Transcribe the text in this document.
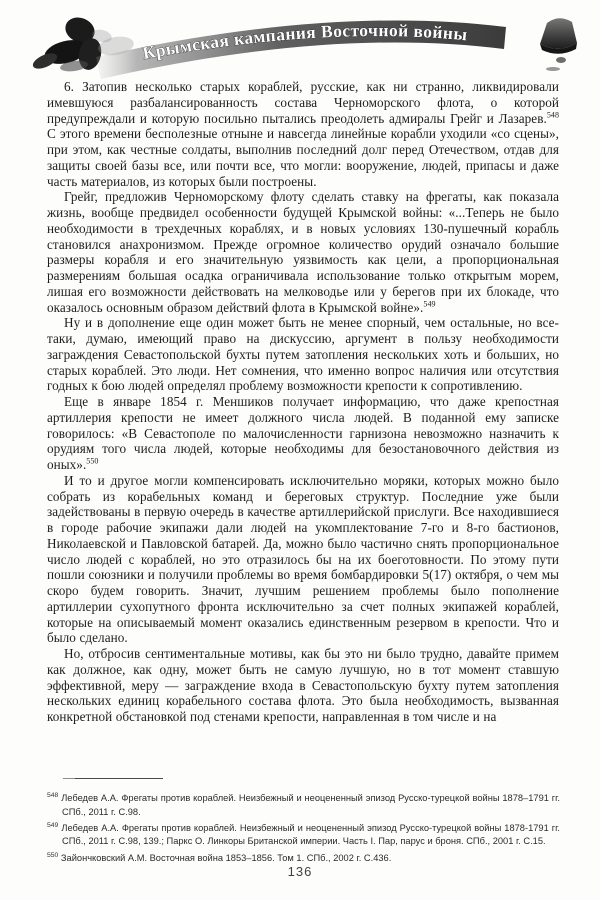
Крымская кампания Восточной войны

6. Затопив несколько старых кораблей, русские, как ни странно, ликвидировали имевшуюся разбалансированность состава Черноморского флота, о которой предупреждали и которую посильно пытались преодолеть адмиралы Грейг и Лазарев.$^{548}$ С этого времени бесполезные отныне и навсегда линейные корабли уходили «со сцены», при этом, как честные солдаты, выполнив последний долг перед Отечеством, отдав для защиты своей базы все, или почти все, что могли: вооружение, людей, припасы и даже часть материалов, из которых были построены.

Грейг, предложив Черноморскому флоту сделать ставку на фрегаты, как показала жизнь, вообще предвидел особенности будущей Крымской войны: «...Теперь не было необходимости в трехдечных кораблях, и в новых условиях 130-пушечный корабль становился анахронизмом. Прежде огромное количество орудий означало большие размеры корабля и его значительную уязвимость как цели, а пропорциональная размерениям большая осадка ограничивала использование только открытым морем, лишая его возможности действовать на мелководье или у берегов при их блокаде, что оказалось основным образом действий флота в Крымской войне».$^{549}$

Ну и в дополнение еще один может быть не менее спорный, чем остальные, но все-таки, думаю, имеющий право на дискуссию, аргумент в пользу необходимости заграждения Севастопольской бухты путем затопления нескольких хоть и больших, но старых кораблей. Это люди. Нет сомнения, что именно вопрос наличия или отсутствия годных к бою людей определял проблему возможности крепости к сопротивлению.

Еще в январе 1854 г. Меншиков получает информацию, что даже крепостная артиллерия крепости не имеет должного числа людей. В поданной ему записке говорилось: «В Севастополе по малочисленности гарнизона невозможно назначить к орудиям того числа людей, которые необходимы для безостановочного действия из оных».$^{550}$

И то и другое могли компенсировать исключительно моряки, которых можно было собрать из корабельных команд и береговых структур. Последние уже были задействованы в первую очередь в качестве артиллерийской прислуги. Все находившиеся в городе рабочие экипажи дали людей на укомплектование 7-го и 8-го бастионов, Николаевской и Павловской батарей. Да, можно было частично снять пропорциональное число людей с кораблей, но это отразилось бы на их боеготовности. По этому пути пошли союзники и получили проблемы во время бомбардировки 5(17) октября, о чем мы скоро будем говорить. Значит, лучшим решением проблемы было пополнение артиллерии сухопутного фронта исключительно за счет полных экипажей кораблей, которые на описываемый момент оказались единственным резервом в крепости. Что и было сделано.

Но, отбросив сентиментальные мотивы, как бы это ни было трудно, давайте примем как должное, как одну, может быть не самую лучшую, но в тот момент ставшую эффективной, меру — заграждение входа в Севастопольскую бухту путем затопления нескольких единиц корабельного состава флота. Это была необходимость, вызванная конкретной обстановкой под стенами крепости, направленная в том числе и на

—
$^{548}$ Лебедев А.А. Фрегаты против кораблей. Неизбежный и неоцененный эпизод Русско-турецкой войны 1878–1791 гг. СПб., 2011 г. С.98.
$^{549}$ Лебедев А.А. Фрегаты против кораблей. Неизбежный и неоцененный эпизод Русско-турецкой войны 1878-1791 гг. СПб., 2011 г. С.98, 139.; Паркс О. Линкоры Британской империи. Часть I. Пар, парус и броня. СПб., 2001 г. С.15.
$^{550}$ Зайончковский А.М. Восточная война 1853–1856. Том 1. СПб., 2002 г. С.436.
136
